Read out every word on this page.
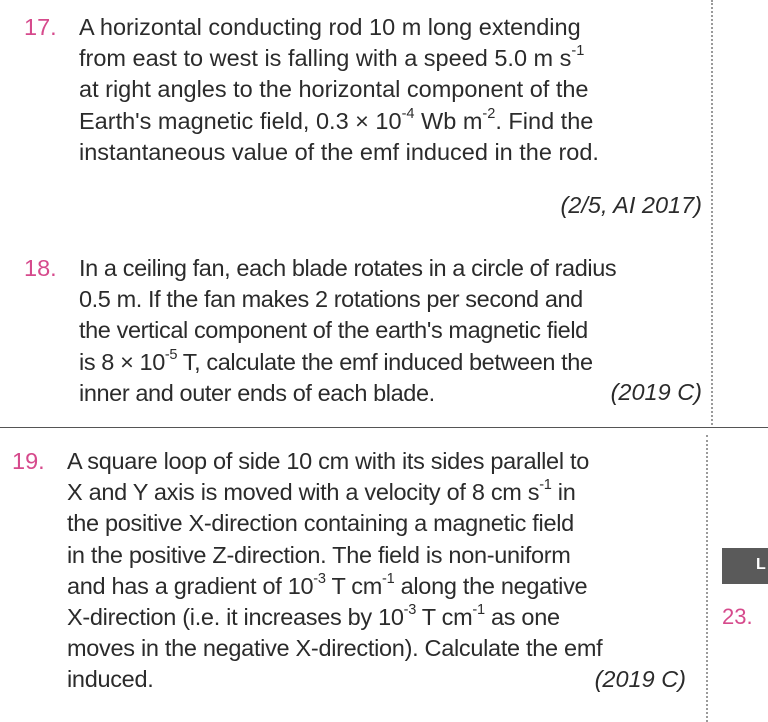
17. A horizontal conducting rod 10 m long extending
from east to west is falling with a speed 5.0 m $s^{-1}$
at right angles to the horizontal component of the
Earth's magnetic field, $0.3 \times 10^{-4}$ Wb $m^{-2}$. Find the
instantaneous value of the emf induced in the rod.
(2/5, AI 2017)
18. In a ceiling fan, each blade rotates in a circle of radius
0.5 m. If the fan makes 2 rotations per second and
the vertical component of the earth's magnetic field
is $8 \times 10^{-5}$ T, calculate the emf induced between the
inner and outer ends of each blade.	(2019 C)
19. A square loop of side 10 cm with its sides parallel to
X and Y axis is moved with a velocity of 8 cm $s^{-1}$ in
the positive X-direction containing a magnetic field
in the positive Z-direction. The field is non-uniform
and has a gradient of $10^{-3}$ T $cm^{-1}$ along the negative
X-direction (i.e. it increases by $10^{-3}$ T $cm^{-1}$ as one
moves in the negative X-direction). Calculate the emf
induced.	(2019 C)
L
23.
